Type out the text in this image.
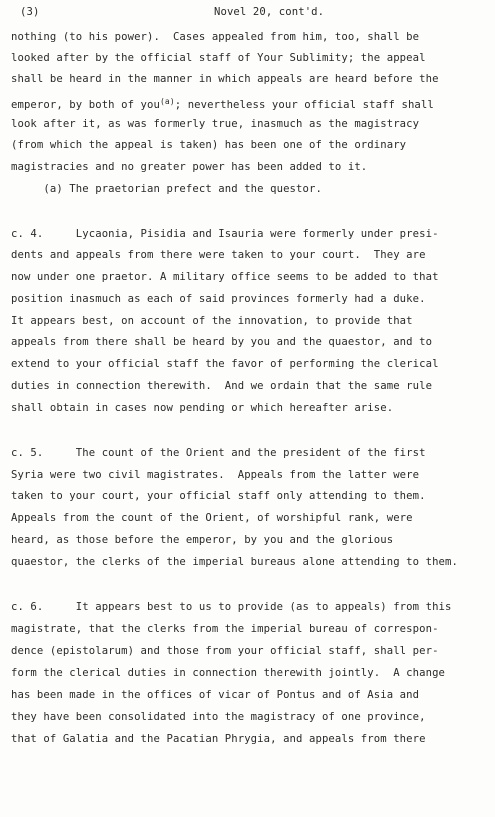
(3)	Novel 20, cont'd.
nothing (to his power).  Cases appealed from him, too, shall be
looked after by the official staff of Your Sublimity; the appeal
shall be heard in the manner in which appeals are heard before the
emperor, by both of you$^{(a)}$; nevertheless your official staff shall
look after it, as was formerly true, inasmuch as the magistracy
(from which the appeal is taken) has been one of the ordinary
magistracies and no greater power has been added to it.
(a) The praetorian prefect and the questor.
c. 4.     Lycaonia, Pisidia and Isauria were formerly under presi-
dents and appeals from there were taken to your court.  They are
now under one praetor. A military office seems to be added to that
position inasmuch as each of said provinces formerly had a duke.
It appears best, on account of the innovation, to provide that
appeals from there shall be heard by you and the quaestor, and to
extend to your official staff the favor of performing the clerical
duties in connection therewith.  And we ordain that the same rule
shall obtain in cases now pending or which hereafter arise.
c. 5.     The count of the Orient and the president of the first
Syria were two civil magistrates.  Appeals from the latter were
taken to your court, your official staff only attending to them.
Appeals from the count of the Orient, of worshipful rank, were
heard, as those before the emperor, by you and the glorious
quaestor, the clerks of the imperial bureaus alone attending to them.
c. 6.     It appears best to us to provide (as to appeals) from this
magistrate, that the clerks from the imperial bureau of correspon-
dence (epistolarum) and those from your official staff, shall per-
form the clerical duties in connection therewith jointly.  A change
has been made in the offices of vicar of Pontus and of Asia and
they have been consolidated into the magistracy of one province,
that of Galatia and the Pacatian Phrygia, and appeals from there
